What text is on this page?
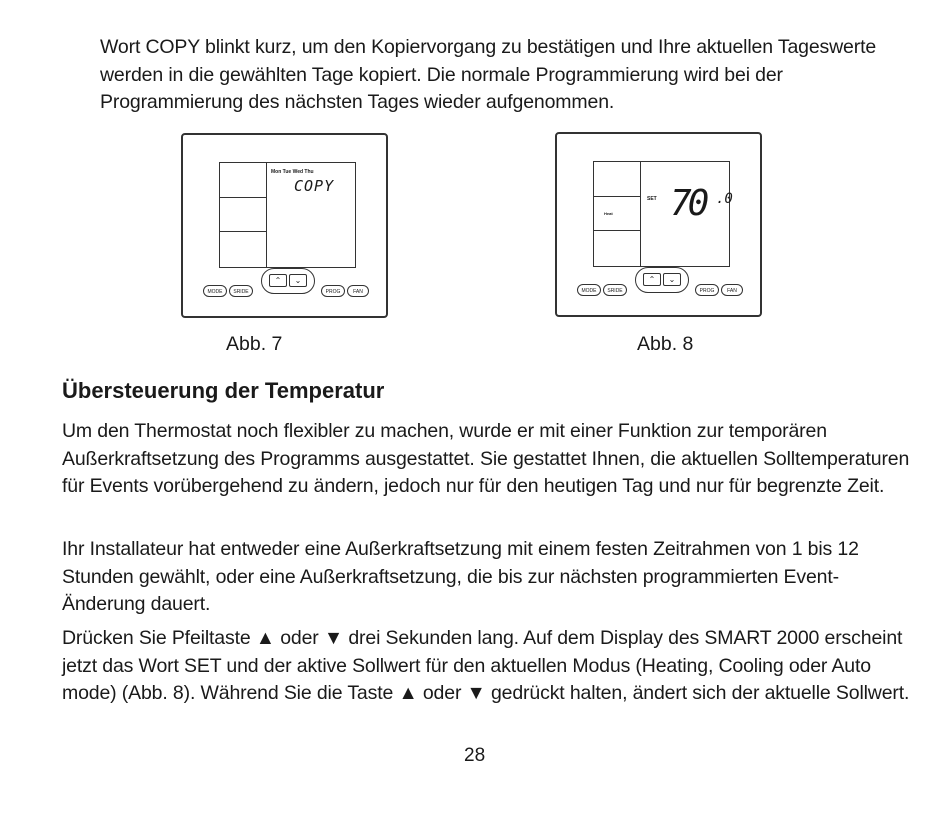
Wort COPY blinkt kurz, um den Kopiervorgang zu bestätigen und Ihre aktuellen Tageswerte werden in die gewählten Tage kopiert. Die normale Programmierung wird bei der Programmierung des nächsten Tages wieder aufgenommen.

Mon Tue Wed Thu
COPY
⌃	⌄
MODE	SRIDE	PROG	FAN
Heat
SET 70 .0
⌃	⌄
MODE	SRIDE	PROG	FAN
Abb. 7	Abb. 8
Übersteuerung der Temperatur

Um den Thermostat noch flexibler zu machen, wurde er mit einer Funktion zur temporären Außerkraftsetzung des Programms ausgestattet. Sie gestattet Ihnen, die aktuellen Solltemperaturen für Events vorübergehend zu ändern, jedoch nur für den heutigen Tag und nur für begrenzte Zeit.

Ihr Installateur hat entweder eine Außerkraftsetzung mit einem festen Zeitrahmen von 1 bis 12 Stunden gewählt, oder eine Außerkraftsetzung, die bis zur nächsten programmierten Event-Änderung dauert.

Drücken Sie Pfeiltaste ▲ oder ▼ drei Sekunden lang. Auf dem Display des SMART 2000 erscheint jetzt das Wort SET und der aktive Sollwert für den aktuellen Modus (Heating, Cooling oder Auto mode) (Abb. 8). Während Sie die Taste ▲ oder ▼ gedrückt halten, ändert sich der aktuelle Sollwert.

28
